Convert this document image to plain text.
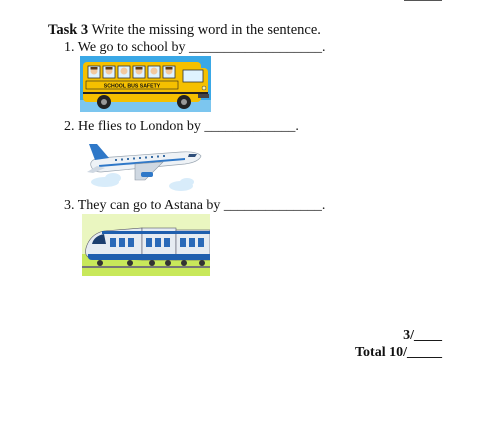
Task 3 Write the missing word in the sentence.
1. We go to school by ___________________.
SCHOOL BUS SAFETY
2. He flies to London by _____________.
3. They can go to Astana by ______________.
3/____
Total 10/_____
